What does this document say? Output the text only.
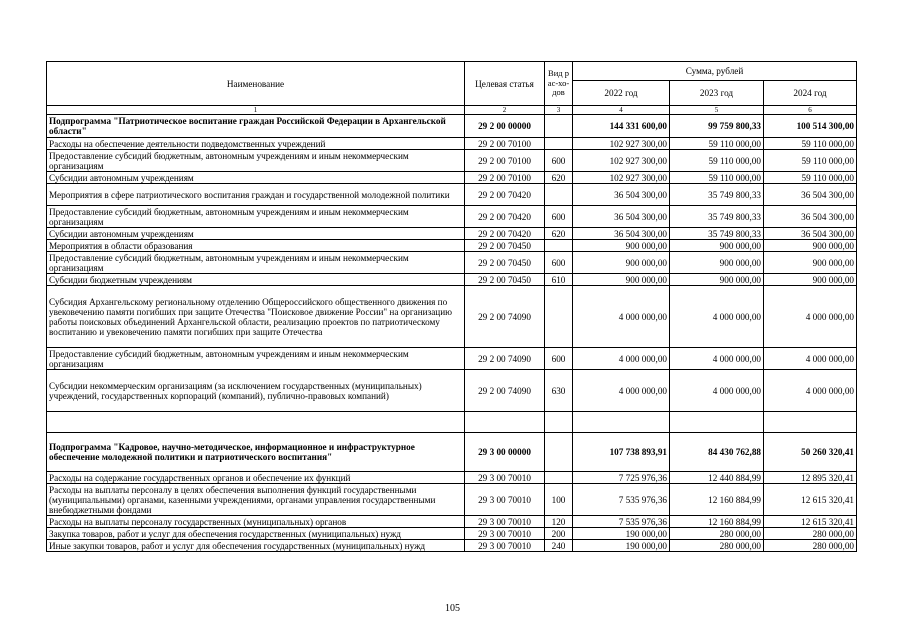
Наименование	Целевая статья	Вид рас-хо-дов	Сумма, рублей		
			2022 год	2023 год	2024 год
1	2	3	4	5	6
Подпрограмма "Патриотическое воспитание граждан Российской Федерации в Архангельской области"	29 2 00 00000		144 331 600,00	99 759 800,33	100 514 300,00
Расходы на обеспечение деятельности подведомственных учреждений	29 2 00 70100		102 927 300,00	59 110 000,00	59 110 000,00
Предоставление субсидий бюджетным, автономным учреждениям и иным некоммерческим организациям	29 2 00 70100	600	102 927 300,00	59 110 000,00	59 110 000,00
Субсидии автономным учреждениям	29 2 00 70100	620	102 927 300,00	59 110 000,00	59 110 000,00
Мероприятия в сфере патриотического воспитания граждан и государственной молодежной политики	29 2 00 70420		36 504 300,00	35 749 800,33	36 504 300,00
Предоставление субсидий бюджетным, автономным учреждениям и иным некоммерческим организациям	29 2 00 70420	600	36 504 300,00	35 749 800,33	36 504 300,00
Субсидии автономным учреждениям	29 2 00 70420	620	36 504 300,00	35 749 800,33	36 504 300,00
Мероприятия в области образования	29 2 00 70450		900 000,00	900 000,00	900 000,00
Предоставление субсидий бюджетным, автономным учреждениям и иным некоммерческим организациям	29 2 00 70450	600	900 000,00	900 000,00	900 000,00
Субсидии бюджетным учреждениям	29 2 00 70450	610	900 000,00	900 000,00	900 000,00
Субсидия Архангельскому региональному отделению Общероссийского общественного движения по увековечению памяти погибших при защите Отечества "Поисковое движение России" на организацию работы поисковых объединений Архангельской области, реализацию проектов по патриотическому воспитанию и увековечению памяти погибших при защите Отечества	29 2 00 74090		4 000 000,00	4 000 000,00	4 000 000,00
Предоставление субсидий бюджетным, автономным учреждениям и иным некоммерческим организациям	29 2 00 74090	600	4 000 000,00	4 000 000,00	4 000 000,00
Субсидии некоммерческим организациям (за исключением государственных (муниципальных) учреждений, государственных корпораций (компаний), публично-правовых компаний)	29 2 00 74090	630	4 000 000,00	4 000 000,00	4 000 000,00

Подпрограмма "Кадровое, научно-методическое, информационное и инфраструктурное обеспечение молодежной политики и патриотического воспитания"	29 3 00 00000		107 738 893,91	84 430 762,88	50 260 320,41
Расходы на содержание государственных органов и обеспечение их функций	29 3 00 70010		7 725 976,36	12 440 884,99	12 895 320,41
Расходы на выплаты персоналу в целях обеспечения выполнения функций государственными (муниципальными) органами, казенными учреждениями, органами управления государственными внебюджетными фондами	29 3 00 70010	100	7 535 976,36	12 160 884,99	12 615 320,41
Расходы на выплаты персоналу государственных (муниципальных) органов	29 3 00 70010	120	7 535 976,36	12 160 884,99	12 615 320,41
Закупка товаров, работ и услуг для обеспечения государственных (муниципальных) нужд	29 3 00 70010	200	190 000,00	280 000,00	280 000,00
Иные закупки товаров, работ и услуг для обеспечения государственных (муниципальных) нужд	29 3 00 70010	240	190 000,00	280 000,00	280 000,00
105
